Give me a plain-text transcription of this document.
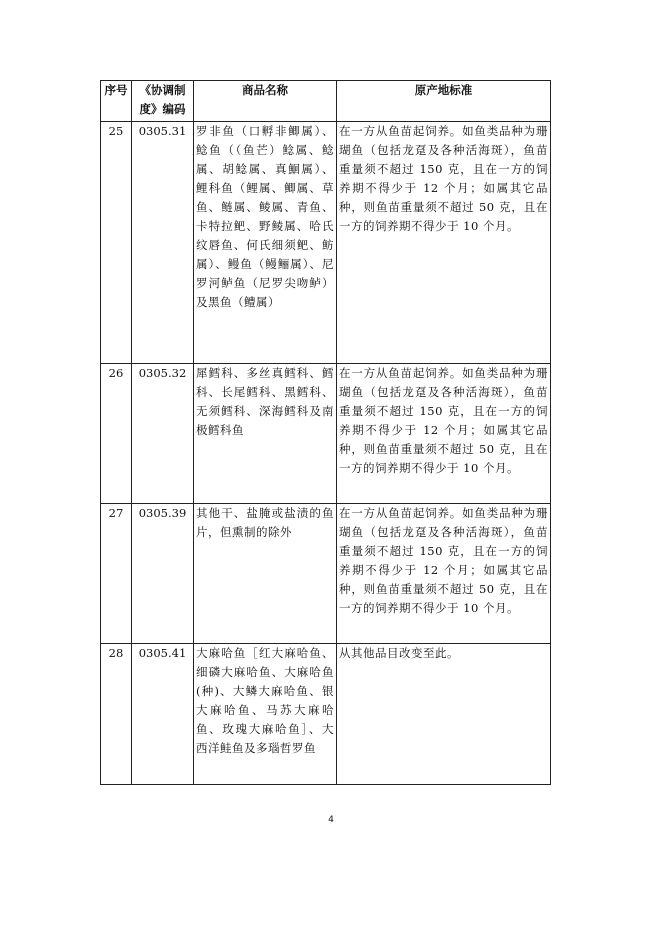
序号	《协调制度》编码	商品名称	原产地标准
25	0305.31	罗非鱼（口孵非鲫属）、鲶鱼（（鱼芒）鲶属、鲶属、胡鲶属、真鮰属）、鲤科鱼（鲤属、鲫属、草鱼、鲢属、鲮属、青鱼、卡特拉鲃、野鲮属、哈氏纹唇鱼、何氏细须鲃、鲂属）、鳗鱼（鳗鲡属）、尼罗河鲈鱼（尼罗尖吻鲈）及黑鱼（鳢属）	在一方从鱼苗起饲养。如鱼类品种为珊瑚鱼（包括龙趸及各种活海斑），鱼苗重量须不超过 150 克，且在一方的饲养期不得少于 12 个月；如属其它品种，则鱼苗重量须不超过 50 克，且在一方的饲养期不得少于 10 个月。
26	0305.32	犀鳕科、多丝真鳕科、鳕科、长尾鳕科、黑鳕科、无须鳕科、深海鳕科及南极鳕科鱼	在一方从鱼苗起饲养。如鱼类品种为珊瑚鱼（包括龙趸及各种活海斑），鱼苗重量须不超过 150 克，且在一方的饲养期不得少于 12 个月；如属其它品种，则鱼苗重量须不超过 50 克，且在一方的饲养期不得少于 10 个月。
27	0305.39	其他干、盐腌或盐渍的鱼片，但熏制的除外	在一方从鱼苗起饲养。如鱼类品种为珊瑚鱼（包括龙趸及各种活海斑），鱼苗重量须不超过 150 克，且在一方的饲养期不得少于 12 个月；如属其它品种，则鱼苗重量须不超过 50 克，且在一方的饲养期不得少于 10 个月。
28	0305.41	大麻哈鱼［红大麻哈鱼、细磷大麻哈鱼、大麻哈鱼(种)、大鳞大麻哈鱼、银大麻哈鱼、马苏大麻哈鱼、玫瑰大麻哈鱼］、大西洋鲑鱼及多瑙哲罗鱼	从其他品目改变至此。
4
